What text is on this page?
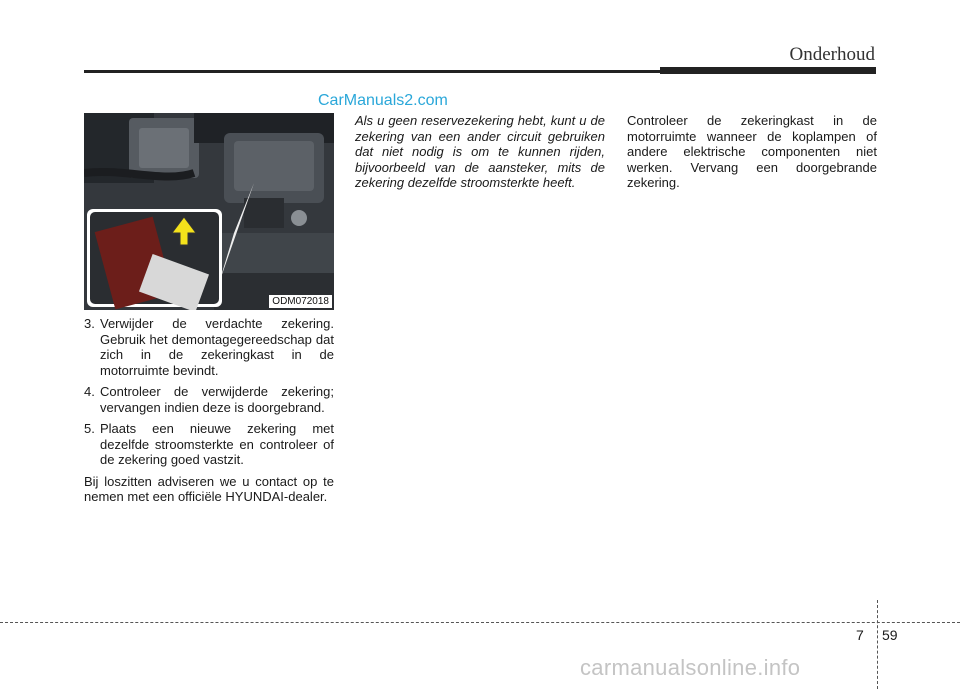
Onderhoud
CarManuals2.com
ODM072018
3. Verwijder de verdachte zekering. Gebruik het demontagegereedschap dat zich in de zekeringkast in de motorruimte bevindt.
4. Controleer de verwijderde zekering; vervangen indien deze is doorgebrand.
5. Plaats een nieuwe zekering met dezelfde stroomsterkte en controleer of de zekering goed vastzit.

Bij loszitten adviseren we u contact op te nemen met een officiële HYUNDAI-dealer.

Als u geen reservezekering hebt, kunt u de zekering van een ander circuit gebruiken dat niet nodig is om te kunnen rijden, bijvoorbeeld van de aansteker, mits de zekering dezelfde stroomsterkte heeft.
Controleer de zekeringkast in de motorruimte wanneer de koplampen of andere elektrische componenten niet werken. Vervang een doorgebrande zekering.
7 59
carmanualsonline.info
